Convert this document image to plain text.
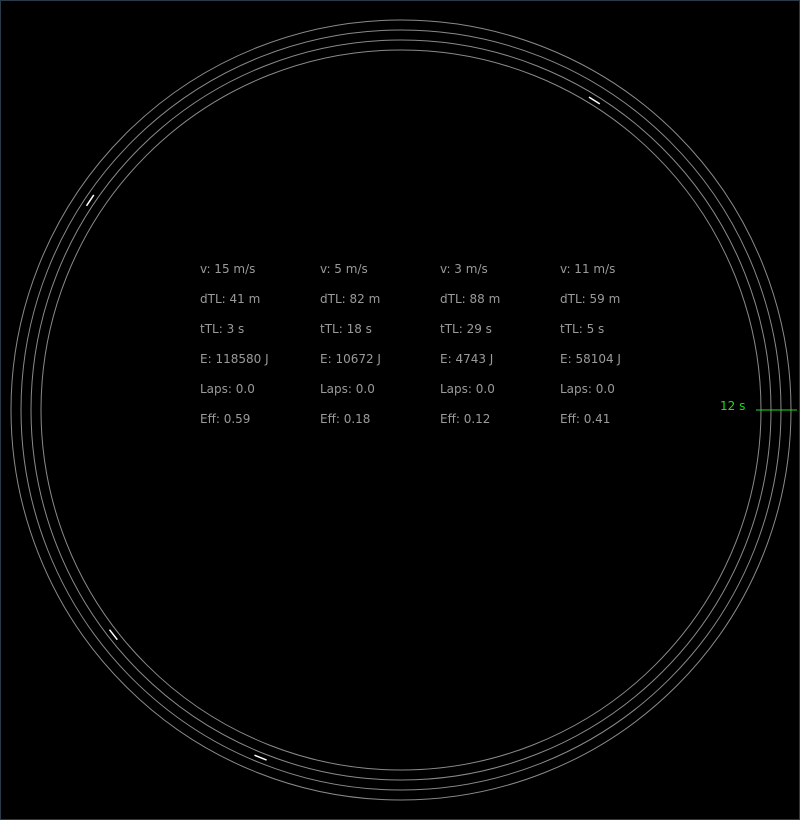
v: 15 m/s
dTL: 41 m
tTL: 3 s
E: 118580 J
Laps: 0.0
Eff: 0.59
v: 5 m/s
dTL: 82 m
tTL: 18 s
E: 10672 J
Laps: 0.0
Eff: 0.18
v: 3 m/s
dTL: 88 m
tTL: 29 s
E: 4743 J
Laps: 0.0
Eff: 0.12
v: 11 m/s
dTL: 59 m
tTL: 5 s
E: 58104 J
Laps: 0.0
Eff: 0.41
12 s
